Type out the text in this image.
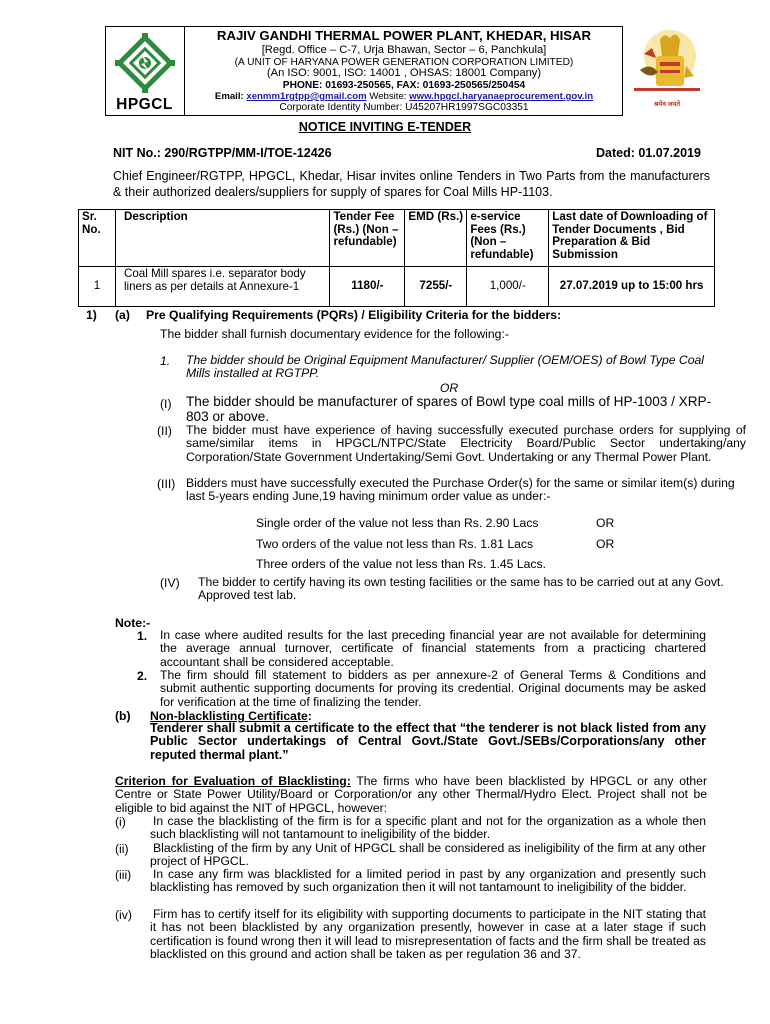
HPGCL
RAJIV GANDHI THERMAL POWER PLANT, KHEDAR, HISAR
[Regd. Office – C-7, Urja Bhawan, Sector – 6, Panchkula]
(A UNIT OF HARYANA POWER GENERATION CORPORATION LIMITED)
(An ISO: 9001, ISO: 14001 , OHSAS: 18001 Company)
PHONE: 01693-250565, FAX: 01693-250565/250454
Email: xenmm1rgtpp@gmail.com Website: www.hpgcl.haryanaeprocurement.gov.in
Corporate Identity Number: U45207HR1997SGC03351	श्रमेव जयते
NOTICE INVITING E-TENDER
NIT No.: 290/RGTPP/MM-I/TOE-12426	Dated: 01.07.2019
Chief Engineer/RGTPP, HPGCL, Khedar, Hisar invites online Tenders in Two Parts from the manufacturers & their authorized dealers/suppliers for supply of spares for Coal Mills HP-1103.
Sr. No.	Description	Tender Fee (Rs.) (Non – refundable)	EMD (Rs.)	e-service Fees (Rs.) (Non – refundable)	Last date of Downloading of Tender Documents , Bid Preparation & Bid Submission
1	Coal Mill spares i.e. separator body liners as per details at Annexure-1	1180/-	7255/-	1,000/-	27.07.2019 up to 15:00 hrs
1) (a) Pre Qualifying Requirements (PQRs) / Eligibility Criteria for the bidders:
The bidder shall furnish documentary evidence for the following:-
1. The bidder should be Original Equipment Manufacturer/ Supplier (OEM/OES) of Bowl Type Coal Mills installed at RGTPP.
OR
(I) The bidder should be manufacturer of spares of Bowl type coal mills of HP-1003 / XRP-803 or above.
(II) The bidder must have experience of having successfully executed purchase orders for supplying of same/similar items in HPGCL/NTPC/State Electricity Board/Public Sector undertaking/any Corporation/State Government Undertaking/Semi Govt. Undertaking or any Thermal Power Plant.
(III) Bidders must have successfully executed the Purchase Order(s) for the same or similar item(s) during last 5-years ending June,19 having minimum order value as under:-
Single order of the value not less than Rs. 2.90 Lacs	OR
Two orders of the value not less than Rs. 1.81 Lacs	OR
Three orders of the value not less than Rs. 1.45 Lacs.
(IV) The bidder to certify having its own testing facilities or the same has to be carried out at any Govt. Approved test lab.
Note:-
1. In case where audited results for the last preceding financial year are not available for determining the average annual turnover, certificate of financial statements from a practicing chartered accountant shall be considered acceptable.
2. The firm should fill statement to bidders as per annexure-2 of General Terms & Conditions and submit authentic supporting documents for proving its credential. Original documents may be asked for verification at the time of finalizing the tender.
(b) Non-blacklisting Certificate:
Tenderer shall submit a certificate to the effect that “the tenderer is not black listed from any Public Sector undertakings of Central Govt./State Govt./SEBs/Corporations/any other reputed thermal plant.”
Criterion for Evaluation of Blacklisting: The firms who have been blacklisted by HPGCL or any other Centre or State Power Utility/Board or Corporation/or any other Thermal/Hydro Elect. Project shall not be eligible to bid against the NIT of HPGCL, however:
(i) In case the blacklisting of the firm is for a specific plant and not for the organization as a whole then such blacklisting will not tantamount to ineligibility of the bidder.
(ii) Blacklisting of the firm by any Unit of HPGCL shall be considered as ineligibility of the firm at any other project of HPGCL.
(iii) In case any firm was blacklisted for a limited period in past by any organization and presently such blacklisting has removed by such organization then it will not tantamount to ineligibility of the bidder.
(iv) Firm has to certify itself for its eligibility with supporting documents to participate in the NIT stating that it has not been blacklisted by any organization presently, however in case at a later stage if such certification is found wrong then it will lead to misrepresentation of facts and the firm shall be treated as blacklisted on this ground and action shall be taken as per regulation 36 and 37.
